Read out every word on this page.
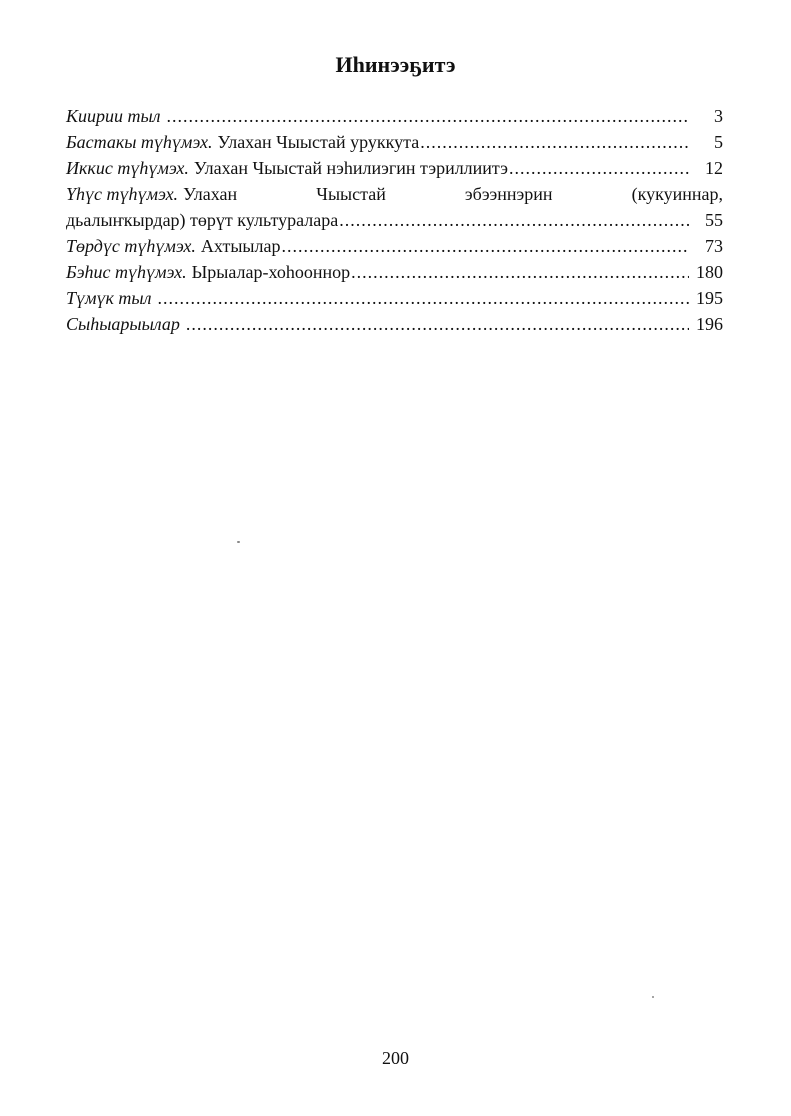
Иһинээҕитэ
Киирии тыл .....	3
Бастакы түһүмэх. Улахан Чыыстай уруккута .....	5
Иккис түһүмэх. Улахан Чыыстай нэһилиэгин тэриллиитэ .....	12
Үһүс түһүмэх. Улахан Чыыстай эбээннэрин (кукуиннар,
дьалыҥкырдар) төрүт культуралара .....	55
Төрдүс түһүмэх. Ахтыылар .....	73
Бэһис түһүмэх. Ырыалар-хоһооннор .....	180
Түмүк тыл .....	195
Сыһыарыылар .....	196
200
